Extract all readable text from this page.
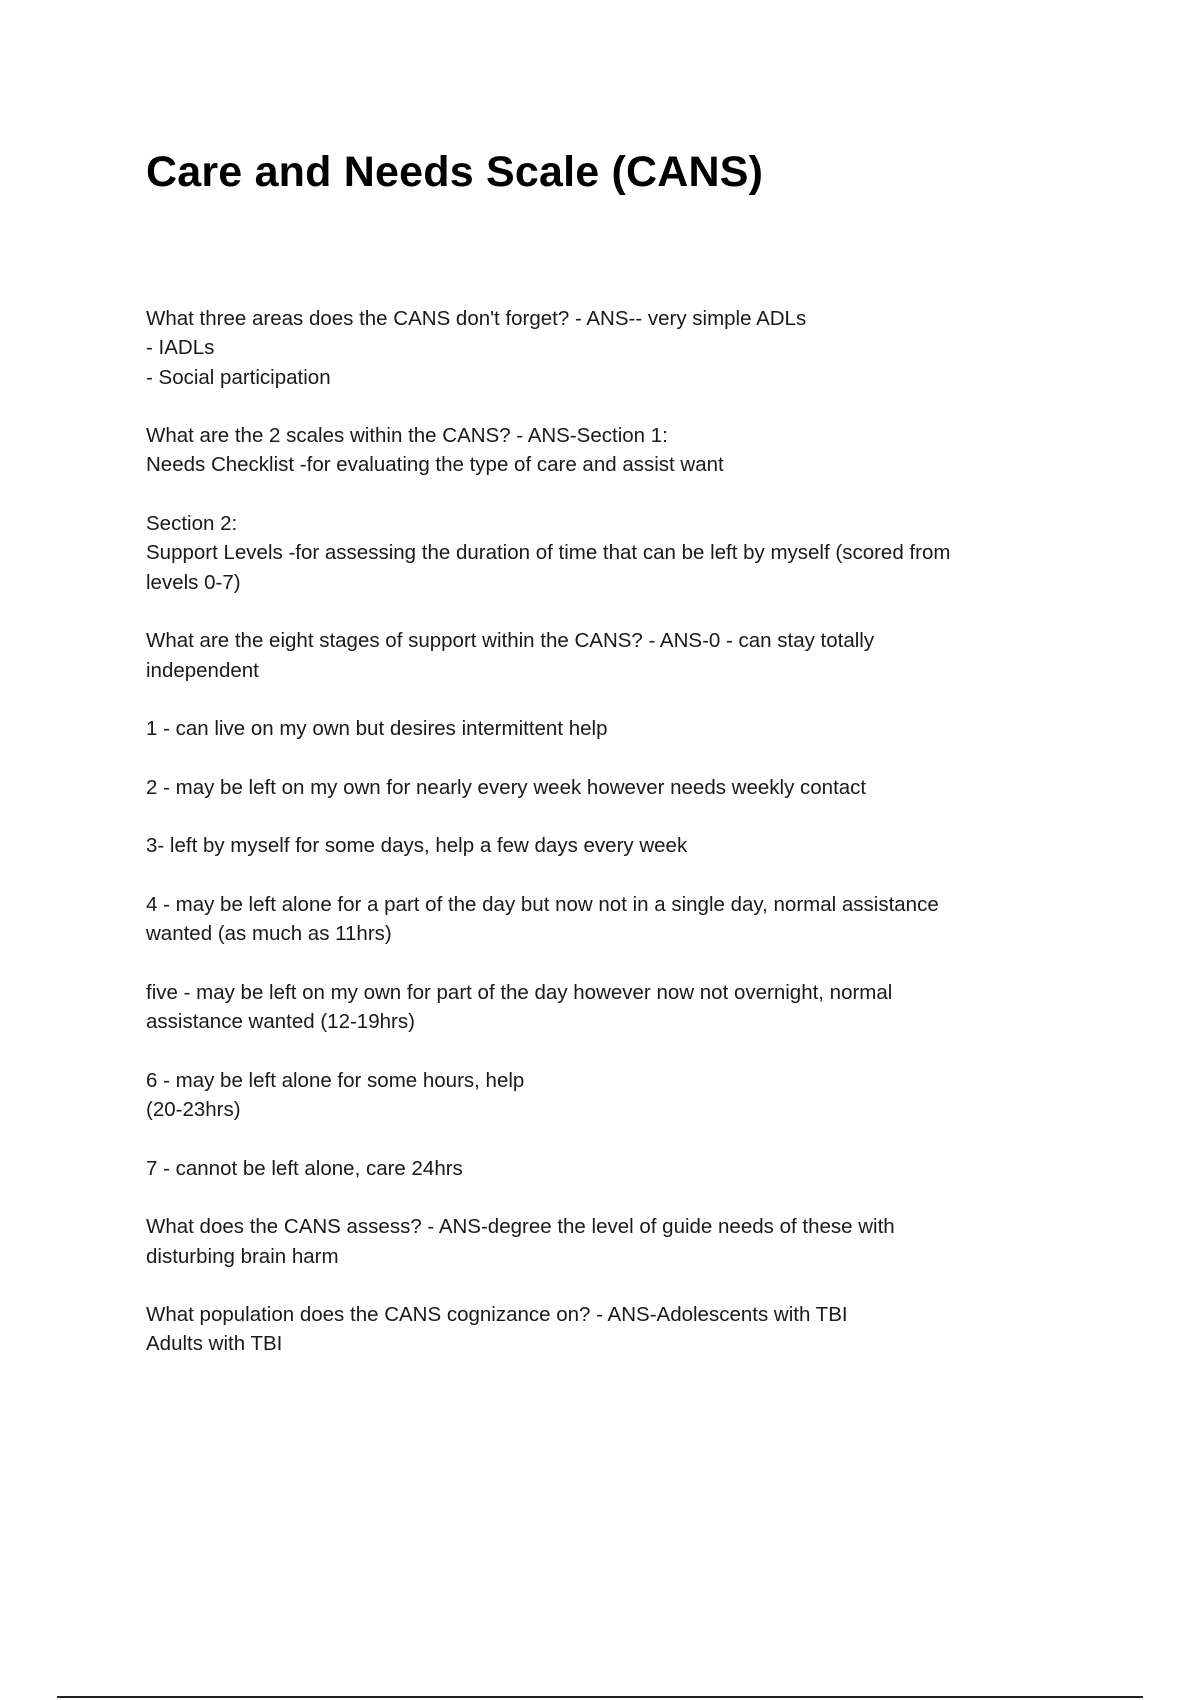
Care and Needs Scale (CANS)

What three areas does the CANS don't forget? - ANS-- very simple ADLs
- IADLs
- Social participation

What are the 2 scales within the CANS? - ANS-Section 1:
Needs Checklist -for evaluating the type of care and assist want

Section 2:
Support Levels -for assessing the duration of time that can be left by myself (scored from
levels 0-7)

What are the eight stages of support within the CANS? - ANS-0 - can stay totally
independent

1 - can live on my own but desires intermittent help

2 - may be left on my own for nearly every week however needs weekly contact

3- left by myself for some days, help a few days every week

4 - may be left alone for a part of the day but now not in a single day, normal assistance
wanted (as much as 11hrs)

five - may be left on my own for part of the day however now not overnight, normal
assistance wanted (12-19hrs)

6 - may be left alone for some hours, help
(20-23hrs)

7 - cannot be left alone, care 24hrs

What does the CANS assess? - ANS-degree the level of guide needs of these with
disturbing brain harm

What population does the CANS cognizance on? - ANS-Adolescents with TBI
Adults with TBI
